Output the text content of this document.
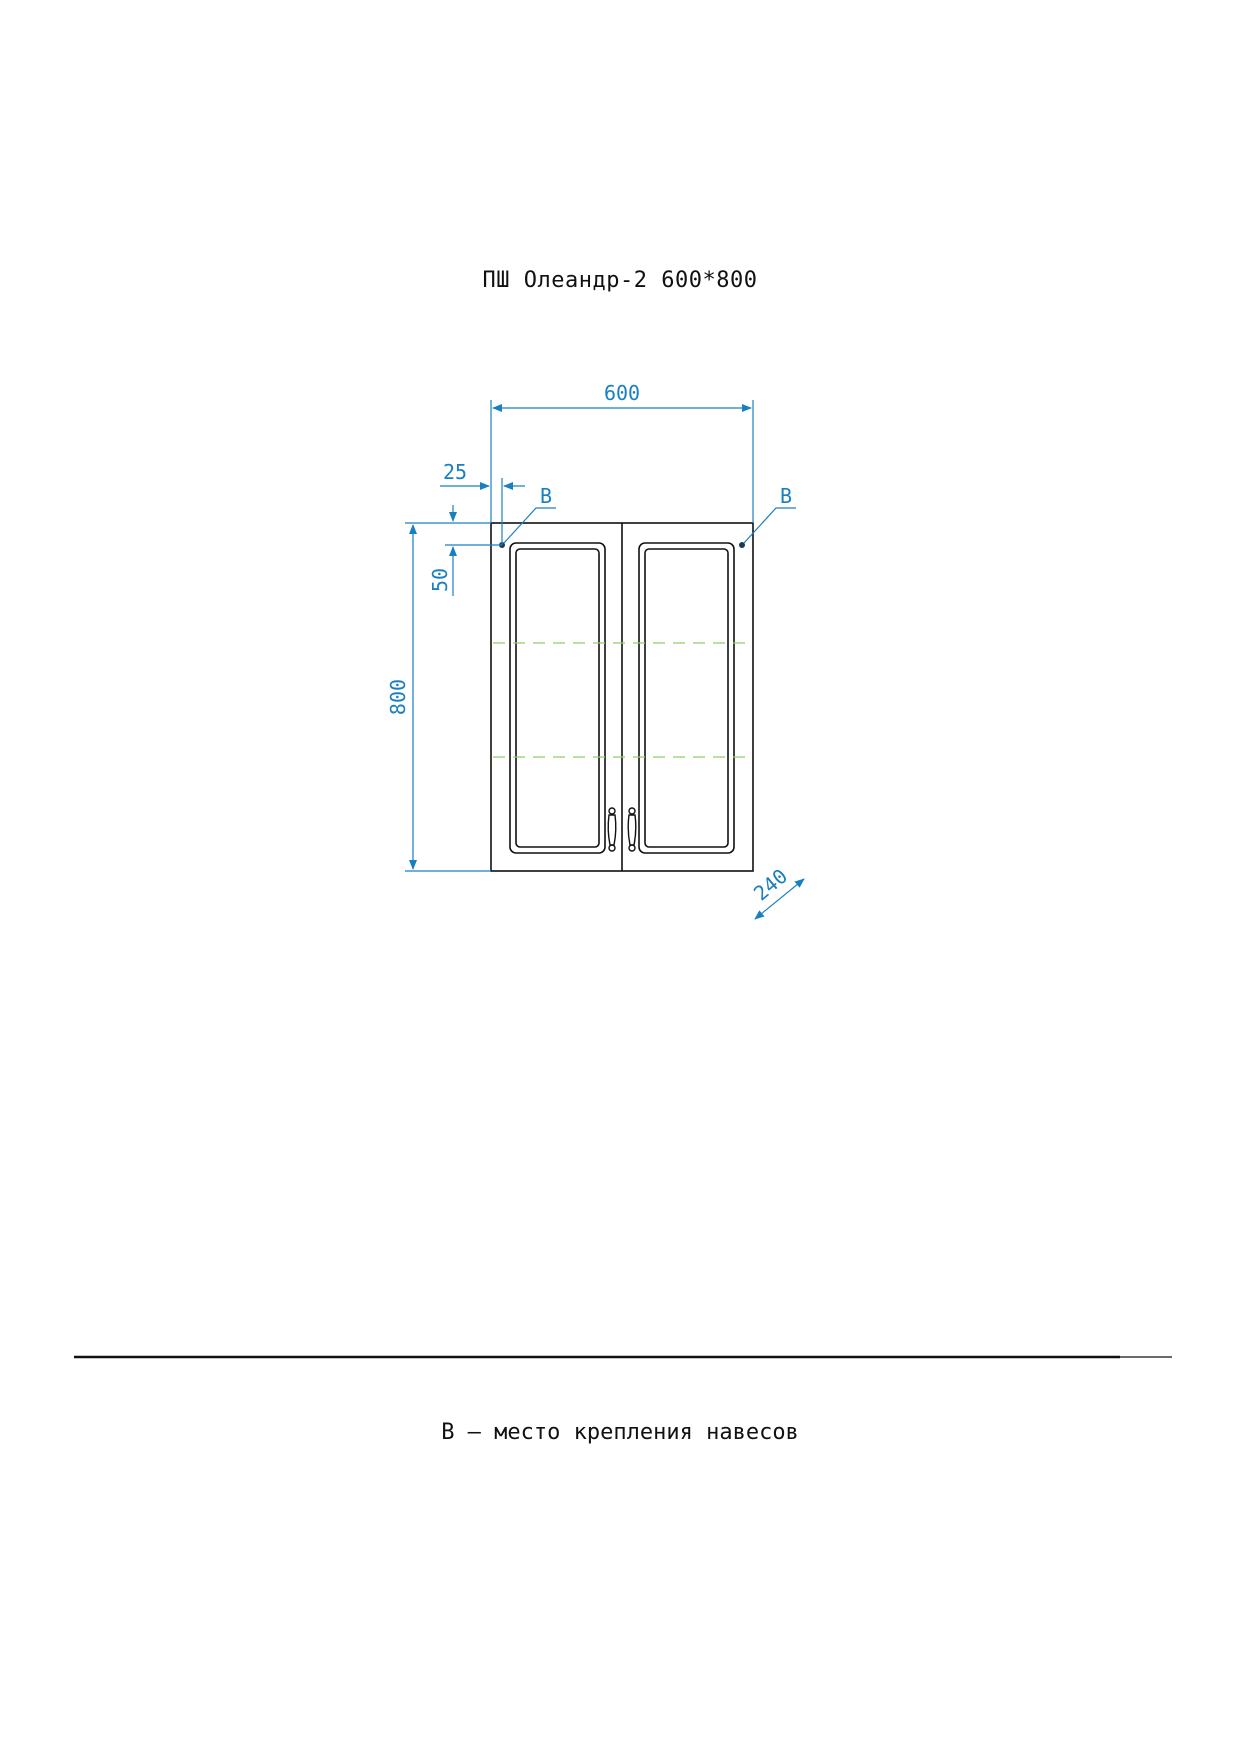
ПШ Олеандр-2 600*800
600
800
25
50
240
В	В
В – место крепления навесов
